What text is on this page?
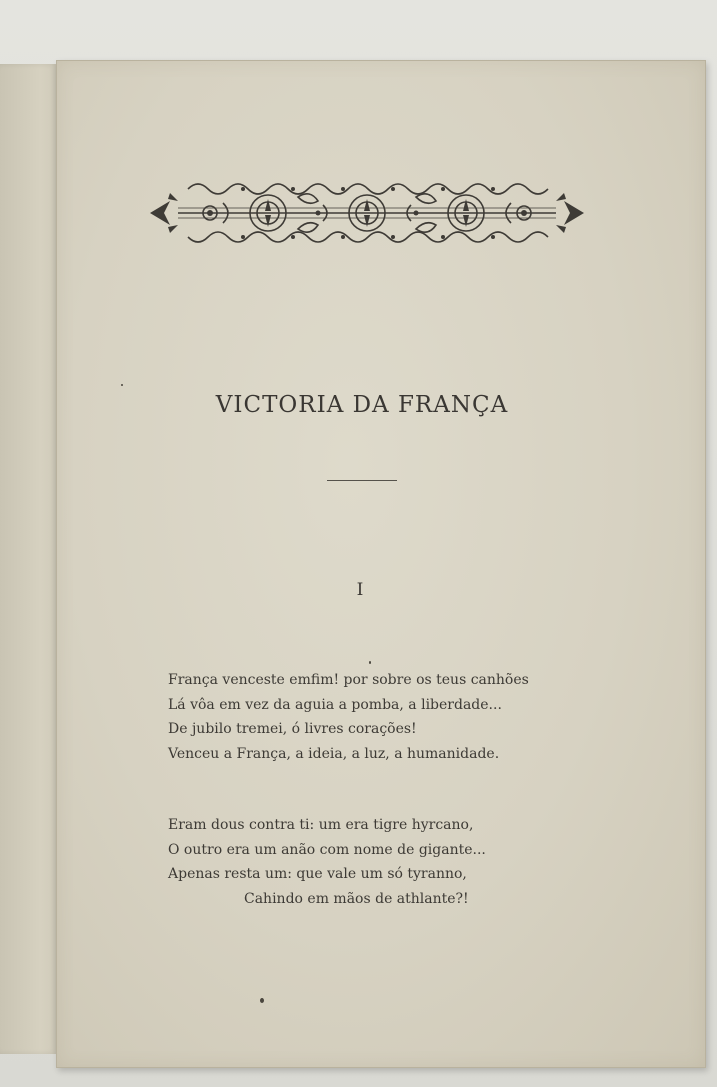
VICTORIA DA FRANÇA
I
França venceste emfim! por sobre os teus canhões
Lá vôa em vez da aguia a pomba, a liberdade...
De jubilo tremei, ó livres corações!
Venceu a França, a ideia, a luz, a humanidade.
Eram dous contra ti: um era tigre hyrcano,
O outro era um anão com nome de gigante...
Apenas resta um: que vale um só tyranno,
Cahindo em mãos de athlante?!
